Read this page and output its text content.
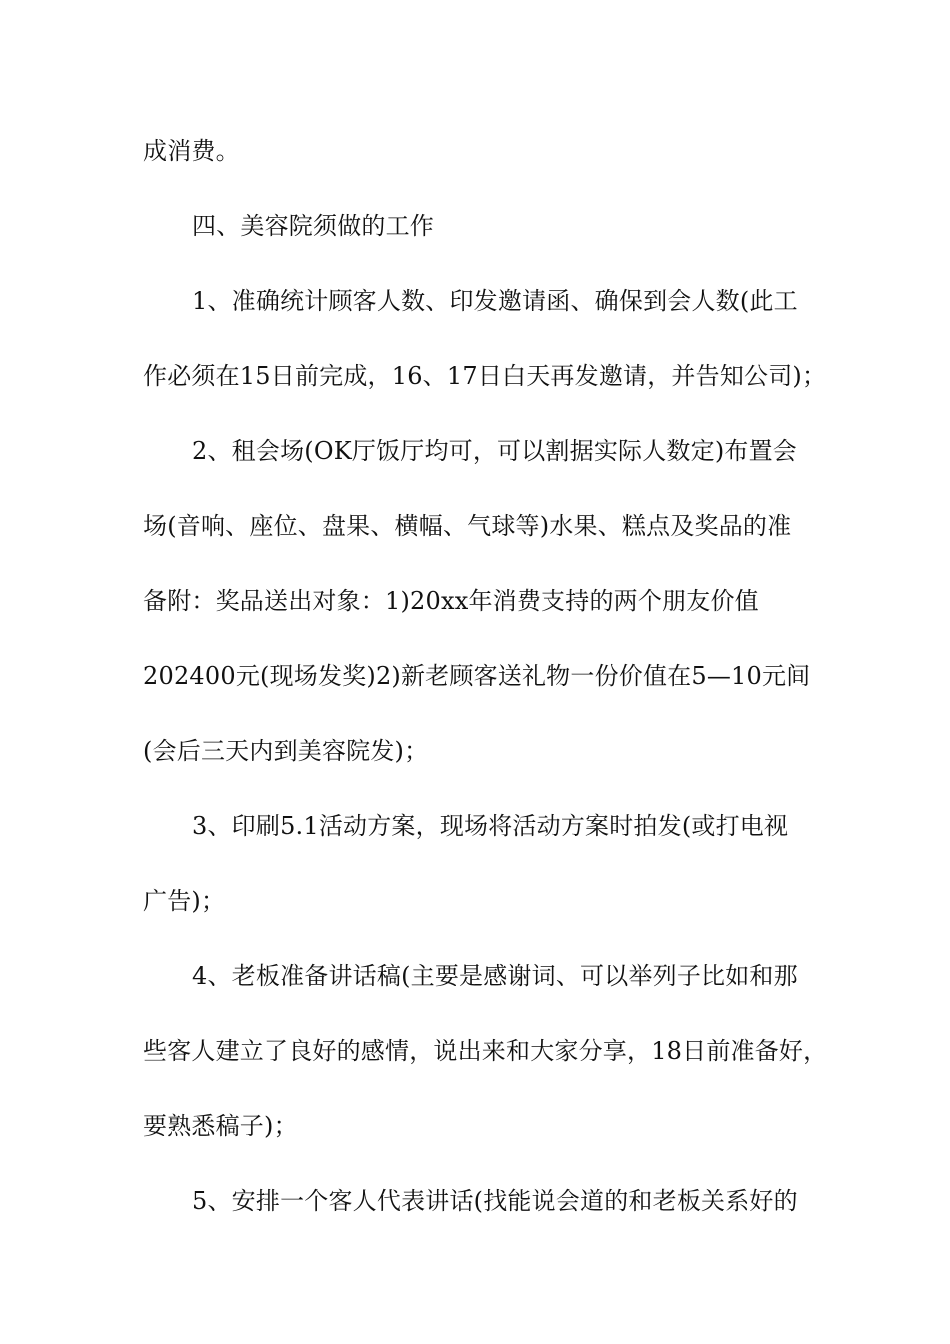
成消费。
四、美容院须做的工作
1、准确统计顾客人数、印发邀请函、确保到会人数(此工
作必须在15日前完成，16、17日白天再发邀请，并告知公司)；
2、租会场(OK厅饭厅均可，可以割据实际人数定)布置会
场(音响、座位、盘果、横幅、气球等)水果、糕点及奖品的准
备附：奖品送出对象：1)20xx年消费支持的两个朋友价值
202400元(现场发奖)2)新老顾客送礼物一份价值在5—10元间
(会后三天内到美容院发)；
3、印刷5.1活动方案，现场将活动方案时拍发(或打电视
广告)；
4、老板准备讲话稿(主要是感谢词、可以举列子比如和那
些客人建立了良好的感情，说出来和大家分享，18日前准备好，
要熟悉稿子)；
5、安排一个客人代表讲话(找能说会道的和老板关系好的
